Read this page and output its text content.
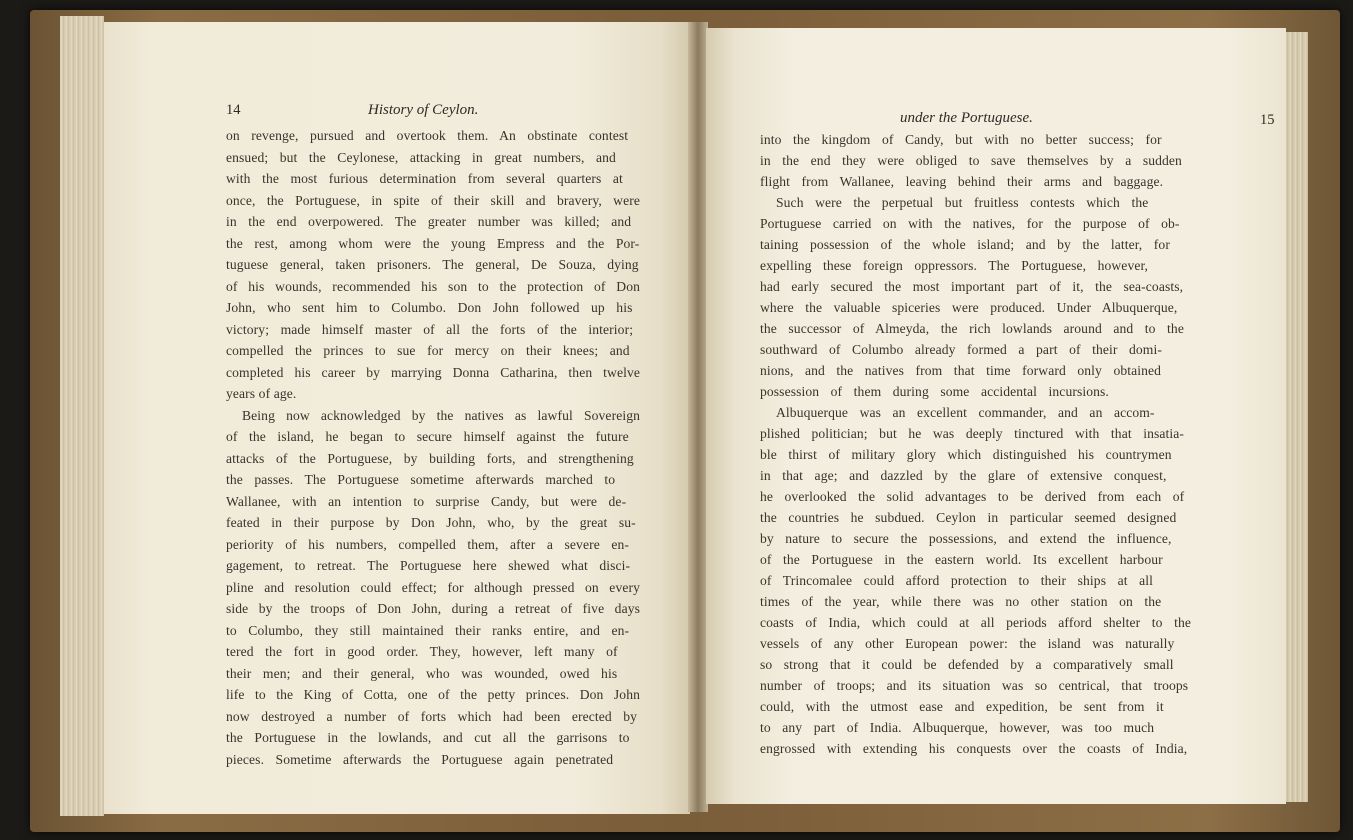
14	History of Ceylon.
on revenge, pursued and overtook them. An obstinate contest
ensued; but the Ceylonese, attacking in great numbers, and
with the most furious determination from several quarters at
once, the Portuguese, in spite of their skill and bravery, were
in the end overpowered. The greater number was killed; and
the rest, among whom were the young Empress and the Por-
tuguese general, taken prisoners. The general, De Souza, dying
of his wounds, recommended his son to the protection of Don
John, who sent him to Columbo. Don John followed up his
victory; made himself master of all the forts of the interior;
compelled the princes to sue for mercy on their knees; and
completed his career by marrying Donna Catharina, then twelve
years of age.
Being now acknowledged by the natives as lawful Sovereign
of the island, he began to secure himself against the future
attacks of the Portuguese, by building forts, and strengthening
the passes. The Portuguese sometime afterwards marched to
Wallanee, with an intention to surprise Candy, but were de-
feated in their purpose by Don John, who, by the great su-
periority of his numbers, compelled them, after a severe en-
gagement, to retreat. The Portuguese here shewed what disci-
pline and resolution could effect; for although pressed on every
side by the troops of Don John, during a retreat of five days
to Columbo, they still maintained their ranks entire, and en-
tered the fort in good order. They, however, left many of
their men; and their general, who was wounded, owed his
life to the King of Cotta, one of the petty princes. Don John
now destroyed a number of forts which had been erected by
the Portuguese in the lowlands, and cut all the garrisons to
pieces. Sometime afterwards the Portuguese again penetrated
under the Portuguese.	15
into the kingdom of Candy, but with no better success; for
in the end they were obliged to save themselves by a sudden
flight from Wallanee, leaving behind their arms and baggage.
Such were the perpetual but fruitless contests which the
Portuguese carried on with the natives, for the purpose of ob-
taining possession of the whole island; and by the latter, for
expelling these foreign oppressors. The Portuguese, however,
had early secured the most important part of it, the sea-coasts,
where the valuable spiceries were produced. Under Albuquerque,
the successor of Almeyda, the rich lowlands around and to the
southward of Columbo already formed a part of their domi-
nions, and the natives from that time forward only obtained
possession of them during some accidental incursions.
Albuquerque was an excellent commander, and an accom-
plished politician; but he was deeply tinctured with that insatia-
ble thirst of military glory which distinguished his countrymen
in that age; and dazzled by the glare of extensive conquest,
he overlooked the solid advantages to be derived from each of
the countries he subdued. Ceylon in particular seemed designed
by nature to secure the possessions, and extend the influence,
of the Portuguese in the eastern world. Its excellent harbour
of Trincomalee could afford protection to their ships at all
times of the year, while there was no other station on the
coasts of India, which could at all periods afford shelter to the
vessels of any other European power: the island was naturally
so strong that it could be defended by a comparatively small
number of troops; and its situation was so centrical, that troops
could, with the utmost ease and expedition, be sent from it
to any part of India. Albuquerque, however, was too much
engrossed with extending his conquests over the coasts of India,
